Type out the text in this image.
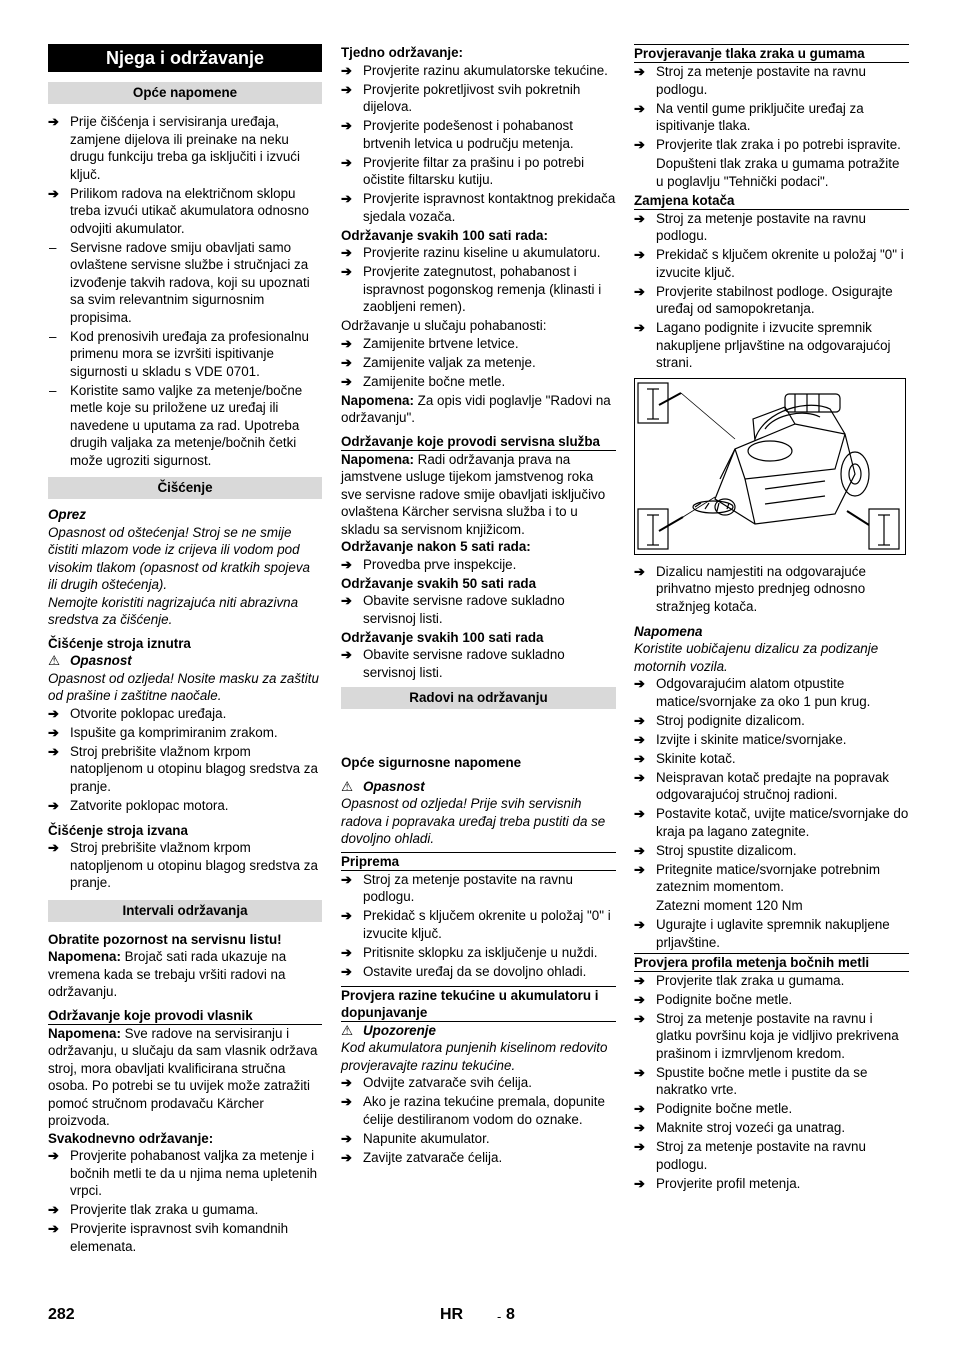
Njega i održavanje
Opće napomene
➔ Prije čišćenja i servisiranja uređaja, zamjene dijelova ili preinake na neku drugu funkciju treba ga isključiti i izvući ključ.
➔ Prilikom radova na električnom sklopu treba izvući utikač akumulatora odnosno odvojiti akumulator.
–	Servisne radove smiju obavljati samo ovlaštene servisne službe i stručnjaci za izvođenje takvih radova, koji su upoznati sa svim relevantnim sigurnosnim propisima.
–	Kod prenosivih uređaja za profesionalnu primenu mora se izvršiti ispitivanje sigurnosti u skladu s VDE 0701.
–	Koristite samo valjke za metenje/bočne metle koje su priložene uz uređaj ili navedene u uputama za rad. Upotreba drugih valjaka za metenje/bočnih četki može ugroziti sigurnost.
Čišćenje

Oprez

Opasnost od oštećenja! Stroj se ne smije čistiti mlazom vode iz crijeva ili vodom pod visokim tlakom (opasnost od kratkih spojeva ili drugih oštećenja).

Nemojte koristiti nagrizajuća niti abrazivna sredstva za čišćenje.

Čišćenje stroja iznutra

⚠ Opasnost

Opasnost od ozljeda! Nosite masku za zaštitu od prašine i zaštitne naočale.

➔ Otvorite poklopac uređaja.
➔ Ispušite ga komprimiranim zrakom.
➔ Stroj prebrišite vlažnom krpom natopljenom u otopinu blagog sredstva za pranje.
➔ Zatvorite poklopac motora.

Čišćenje stroja izvana

➔ Stroj prebrišite vlažnom krpom natopljenom u otopinu blagog sredstva za pranje.
Intervali održavanja

Obratite pozornost na servisnu listu!

Napomena: Brojač sati rada ukazuje na vremena kada se trebaju vršiti radovi na održavanju.

Održavanje koje provodi vlasnik

Napomena: Sve radove na servisiranju i održavanju, u slučaju da sam vlasnik održava stroj, mora obavljati kvalificirana stručna osoba. Po potrebi se tu uvijek može zatražiti pomoć stručnom prodavaču Kärcher proizvoda.

Svakodnevno održavanje:

➔ Provjerite pohabanost valjka za metenje i bočnih metli te da u njima nema upletenih vrpci.
➔ Provjerite tlak zraka u gumama.
➔ Provjerite ispravnost svih komandnih elemenata.

Tjedno održavanje:

➔ Provjerite razinu akumulatorske tekućine.
➔ Provjerite pokretljivost svih pokretnih dijelova.
➔ Provjerite podešenost i pohabanost brtvenih letvica u području metenja.
➔ Provjerite filtar za prašinu i po potrebi očistite filtarsku kutiju.
➔ Provjerite ispravnost kontaktnog prekidača sjedala vozača.

Održavanje svakih 100 sati rada:

➔ Provjerite razinu kiseline u akumulatoru.
➔ Provjerite zategnutost, pohabanost i ispravnost pogonskog remenja (klinasti i zaobljeni remen).

Održavanje u slučaju pohabanosti:

➔ Zamijenite brtvene letvice.
➔ Zamijenite valjak za metenje.
➔ Zamijenite bočne metle.

Napomena: Za opis vidi poglavlje "Radovi na održavanju".

Održavanje koje provodi servisna služba

Napomena: Radi održavanja prava na jamstvene usluge tijekom jamstvenog roka sve servisne radove smije obavljati isključivo ovlaštena Kärcher servisna služba i to u skladu sa servisnom knjižicom.

Održavanje nakon 5 sati rada:

➔ Provedba prve inspekcije.

Održavanje svakih 50 sati rada

➔ Obavite servisne radove sukladno servisnoj listi.

Održavanje svakih 100 sati rada

➔ Obavite servisne radove sukladno servisnoj listi.
Radovi na održavanju

Opće sigurnosne napomene

⚠ Opasnost

Opasnost od ozljeda! Prije svih servisnih radova i popravaka uređaj treba pustiti da se dovoljno ohladi.

Priprema
➔ Stroj za metenje postavite na ravnu podlogu.
➔ Prekidač s ključem okrenite u položaj "0" i izvucite ključ.
➔ Pritisnite sklopku za isključenje u nuždi.
➔ Ostavite uređaj da se dovoljno ohladi.
Provjera razine tekućine u akumulatoru i dopunjavanje

⚠ Upozorenje

Kod akumulatora punjenih kiselinom redovito provjeravajte razinu tekućine.

➔ Odvijte zatvarače svih ćelija.
➔ Ako je razina tekućine premala, dopunite ćelije destiliranom vodom do oznake.
➔ Napunite akumulator.
➔ Zavijte zatvarače ćelija.
Provjeravanje tlaka zraka u gumama
➔ Stroj za metenje postavite na ravnu podlogu.
➔ Na ventil gume priključite uređaj za ispitivanje tlaka.
➔ Provjerite tlak zraka i po potrebi ispravite.
Dopušteni tlak zraka u gumama potražite u poglavlju "Tehnički podaci".
Zamjena kotača
➔ Stroj za metenje postavite na ravnu podlogu.
➔ Prekidač s ključem okrenite u položaj "0" i izvucite ključ.
➔ Provjerite stabilnost podloge. Osigurajte uređaj od samopokretanja.
➔ Lagano podignite i izvucite spremnik nakupljene prljavštine na odgovarajućoj strani.
➔ Dizalicu namjestiti na odgovarajuće prihvatno mjesto prednjeg odnosno stražnjeg kotača.

Napomena

Koristite uobičajenu dizalicu za podizanje motornih vozila.

➔ Odgovarajućim alatom otpustite matice/svornjake za oko 1 pun krug.
➔ Stroj podignite dizalicom.
➔ Izvijte i skinite matice/svornjake.
➔ Skinite kotač.
➔ Neispravan kotač predajte na popravak odgovarajućoj stručnoj radioni.
➔ Postavite kotač, uvijte matice/svornjake do kraja pa lagano zategnite.
➔ Stroj spustite dizalicom.
➔ Pritegnite matice/svornjake potrebnim zateznim momentom.
Zatezni moment 120 Nm
➔ Ugurajte i uglavite spremnik nakupljene prljavštine.
Provjera profila metenja bočnih metli
➔ Provjerite tlak zraka u gumama.
➔ Podignite bočne metle.
➔ Stroj za metenje postavite na ravnu i glatku površinu koja je vidljivo prekrivena prašinom i izmrvljenom kredom.
➔ Spustite bočne metle i pustite da se nakratko vrte.
➔ Podignite bočne metle.
➔ Maknite stroj vozeći ga unatrag.
➔ Stroj za metenje postavite na ravnu podlogu.
➔ Provjerite profil metenja.
282	HR	- 8
